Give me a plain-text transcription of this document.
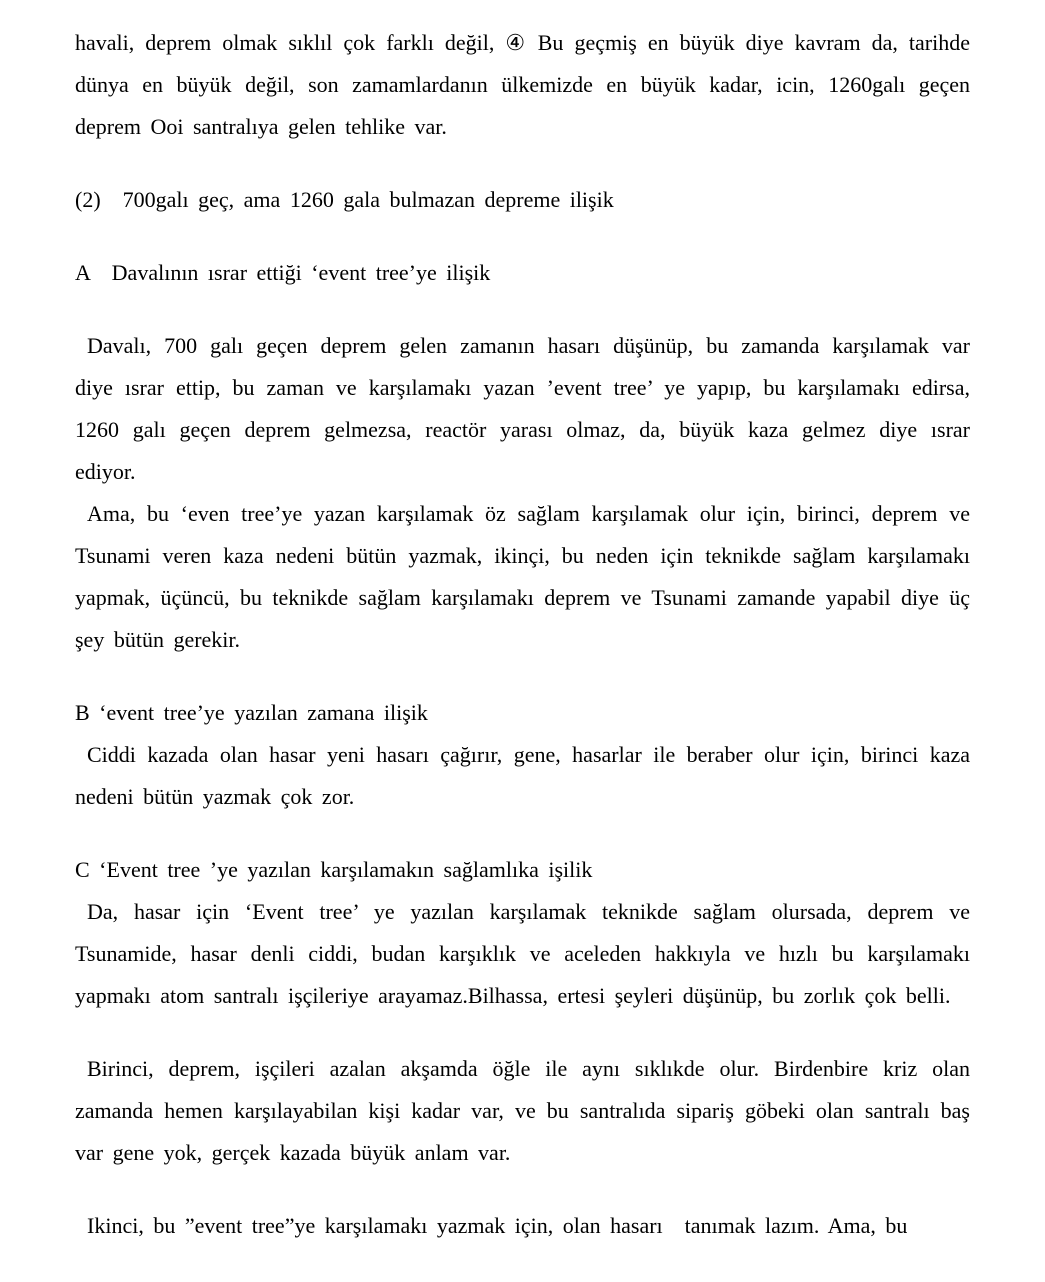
havali, deprem olmak sıklıl çok farklı değil, ④ Bu geçmiş en büyük diye kavram da, tarihde dünya en büyük değil, son zamamlardanın ülkemizde en büyük kadar, icin, 1260galı geçen deprem Ooi santralıya gelen tehlike var.

(2)　700galı geç, ama 1260 gala bulmazan depreme ilişik

A　Davalının ısrar ettiği ‘event tree’ye ilişik

Davalı, 700 galı geçen deprem gelen zamanın hasarı düşünüp, bu zamanda karşılamak var diye ısrar ettip, bu zaman ve karşılamakı yazan ’event tree’ ye yapıp, bu karşılamakı edirsa, 1260 galı geçen deprem gelmezsa, reactör yarası olmaz, da, büyük kaza gelmez diye ısrar ediyor.

Ama, bu ‘even tree’ye yazan karşılamak öz sağlam karşılamak olur için, birinci, deprem ve Tsunami veren kaza nedeni bütün yazmak, ikinçi, bu neden için teknikde sağlam karşılamakı yapmak, üçüncü, bu teknikde sağlam karşılamakı deprem ve Tsunami zamande yapabil diye üç şey bütün gerekir.

B ‘event tree’ye yazılan zamana ilişik

Ciddi kazada olan hasar yeni hasarı çağırır, gene, hasarlar ile beraber olur için, birinci kaza nedeni bütün yazmak çok zor.

C ‘Event tree ’ye yazılan karşılamakın sağlamlıka işilik

Da, hasar için ‘Event tree’ ye yazılan karşılamak teknikde sağlam olursada, deprem ve Tsunamide, hasar denli ciddi, budan karşıklık ve aceleden hakkıyla ve hızlı bu karşılamakı yapmakı atom santralı işçileriye arayamaz.Bilhassa, ertesi şeyleri düşünüp, bu zorlık çok belli.

Birinci, deprem, işçileri azalan akşamda öğle ile aynı sıklıkde olur. Birdenbire kriz olan zamanda hemen karşılayabilan kişi kadar var, ve bu santralıda sipariş göbeki olan santralı baş var gene yok, gerçek kazada büyük anlam var.

Ikinci, bu ”event tree”ye karşılamakı yazmak için, olan hasarı　tanımak lazım. Ama, bu
